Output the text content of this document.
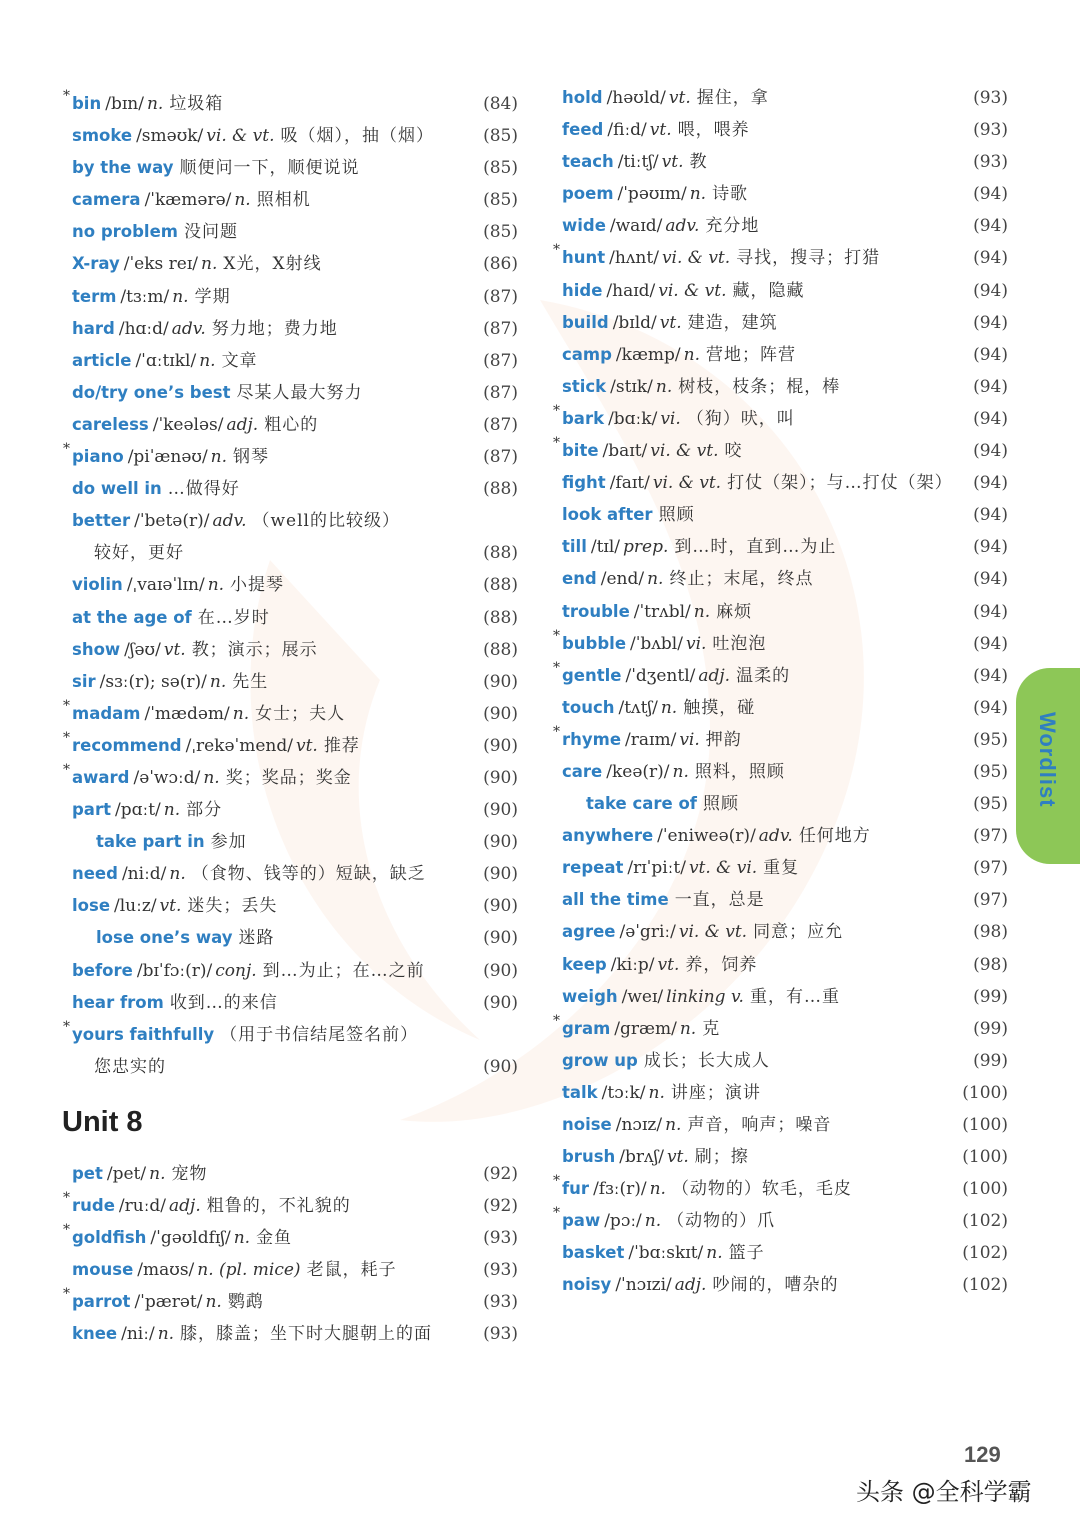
* bin /bɪn/ n. 垃圾箱	(84)
smoke /sməʊk/ vi. & vt. 吸（烟），抽（烟）	(85)
by the way 顺便问一下，顺便说说	(85)
camera /ˈkæmərə/ n. 照相机	(85)
no problem 没问题	(85)
X-ray /ˈeks reɪ/ n. X光，X射线	(86)
term /tɜːm/ n. 学期	(87)
hard /hɑːd/ adv. 努力地；费力地	(87)
article /ˈɑːtɪkl/ n. 文章	(87)
do/try one’s best 尽某人最大努力	(87)
careless /ˈkeələs/ adj. 粗心的	(87)
* piano /piˈænəʊ/ n. 钢琴	(87)
do well in …做得好	(88)
better /ˈbetə(r)/ adv. （well的比较级）
较好，更好	(88)
violin /ˌvaɪəˈlɪn/ n. 小提琴	(88)
at the age of 在…岁时	(88)
show /ʃəʊ/ vt. 教；演示；展示	(88)
sir /sɜː(r); sə(r)/ n. 先生	(90)
* madam /ˈmædəm/ n. 女士；夫人	(90)
* recommend /ˌrekəˈmend/ vt. 推荐	(90)
* award /əˈwɔːd/ n. 奖；奖品；奖金	(90)
part /pɑːt/ n. 部分	(90)
take part in 参加	(90)
need /niːd/ n. （食物、钱等的）短缺，缺乏	(90)
lose /luːz/ vt. 迷失；丢失	(90)
lose one’s way 迷路	(90)
before /bɪˈfɔː(r)/ conj. 到…为止；在…之前	(90)
hear from 收到…的来信	(90)
* yours faithfully （用于书信结尾签名前）
您忠实的	(90)
Unit 8
pet /pet/ n. 宠物	(92)
* rude /ruːd/ adj. 粗鲁的，不礼貌的	(92)
* goldfish /ˈgəʊldfɪʃ/ n. 金鱼	(93)
mouse /maʊs/ n. (pl. mice) 老鼠，耗子	(93)
* parrot /ˈpærət/ n. 鹦鹉	(93)
knee /niː/ n. 膝，膝盖；坐下时大腿朝上的面	(93)
hold /həʊld/ vt. 握住，拿	(93)
feed /fiːd/ vt. 喂，喂养	(93)
teach /tiːtʃ/ vt. 教	(93)
poem /ˈpəʊɪm/ n. 诗歌	(94)
wide /waɪd/ adv. 充分地	(94)
* hunt /hʌnt/ vi. & vt. 寻找，搜寻；打猎	(94)
hide /haɪd/ vi. & vt. 藏，隐藏	(94)
build /bɪld/ vt. 建造，建筑	(94)
camp /kæmp/ n. 营地；阵营	(94)
stick /stɪk/ n. 树枝，枝条；棍，棒	(94)
* bark /bɑːk/ vi. （狗）吠，叫	(94)
* bite /baɪt/ vi. & vt. 咬	(94)
fight /faɪt/ vi. & vt. 打仗（架）；与…打仗（架） (94)
look after 照顾	(94)
till /tɪl/ prep. 到…时，直到…为止	(94)
end /end/ n. 终止；末尾，终点	(94)
trouble /ˈtrʌbl/ n. 麻烦	(94)
* bubble /ˈbʌbl/ vi. 吐泡泡	(94)
* gentle /ˈdʒentl/ adj. 温柔的	(94)
touch /tʌtʃ/ n. 触摸，碰	(94)
* rhyme /raɪm/ vi. 押韵	(95)
care /keə(r)/ n. 照料，照顾	(95)
take care of 照顾	(95)
anywhere /ˈeniweə(r)/ adv. 任何地方	(97)
repeat /rɪˈpiːt/ vt. & vi. 重复	(97)
all the time 一直，总是	(97)
agree /əˈgriː/ vi. & vt. 同意；应允	(98)
keep /kiːp/ vt. 养，饲养	(98)
weigh /weɪ/ linking v. 重，有…重	(99)
* gram /græm/ n. 克	(99)
grow up 成长；长大成人	(99)
talk /tɔːk/ n. 讲座；演讲	(100)
noise /nɔɪz/ n. 声音，响声；噪音	(100)
brush /brʌʃ/ vt. 刷；擦	(100)
* fur /fɜː(r)/ n. （动物的）软毛，毛皮	(100)
* paw /pɔː/ n. （动物的）爪	(102)
basket /ˈbɑːskɪt/ n. 篮子	(102)
noisy /ˈnɔɪzi/ adj. 吵闹的，嘈杂的	(102)
Wordlist
129
头条 @全科学霸
